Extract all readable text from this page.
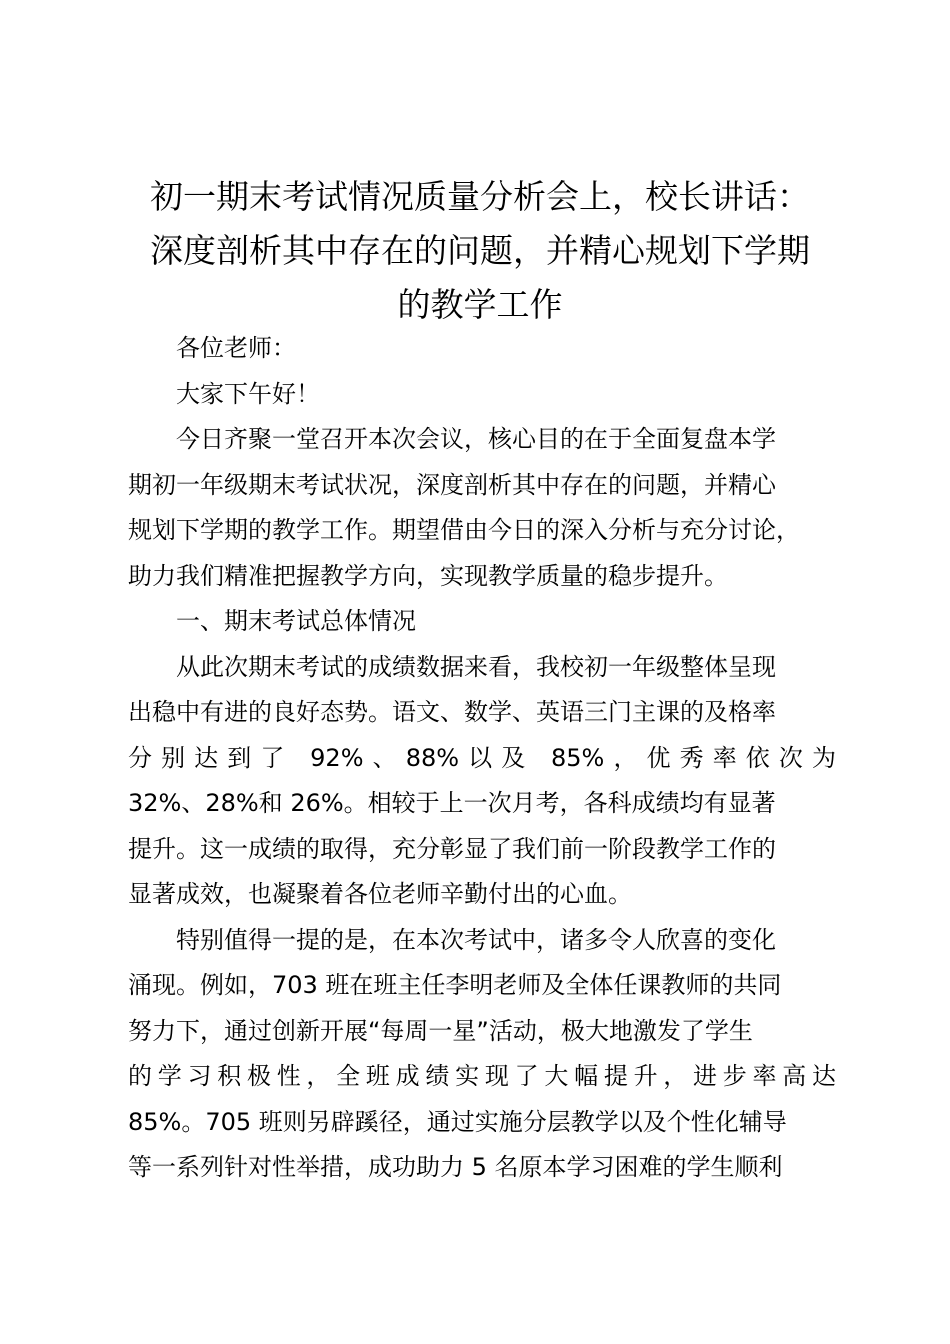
初一期末考试情况质量分析会上，校长讲话：
深度剖析其中存在的问题，并精心规划下学期
的教学工作
各位老师：
大家下午好！
今日齐聚一堂召开本次会议，核心目的在于全面复盘本学
期初一年级期末考试状况，深度剖析其中存在的问题，并精心
规划下学期的教学工作。期望借由今日的深入分析与充分讨论，
助力我们精准把握教学方向，实现教学质量的稳步提升。
一、期末考试总体情况
从此次期末考试的成绩数据来看，我校初一年级整体呈现
出稳中有进的良好态势。语文、数学、英语三门主课的及格率
分别达到了 92%、88%以及 85%，优秀率依次为
32%、28%和 26%。相较于上一次月考，各科成绩均有显著
提升。这一成绩的取得，充分彰显了我们前一阶段教学工作的
显著成效，也凝聚着各位老师辛勤付出的心血。
特别值得一提的是，在本次考试中，诸多令人欣喜的变化
涌现。例如，703 班在班主任李明老师及全体任课教师的共同
努力下，通过创新开展“每周一星”活动，极大地激发了学生
的学习积极性，全班成绩实现了大幅提升，进步率高达
85%。705 班则另辟蹊径，通过实施分层教学以及个性化辅导
等一系列针对性举措，成功助力 5 名原本学习困难的学生顺利
